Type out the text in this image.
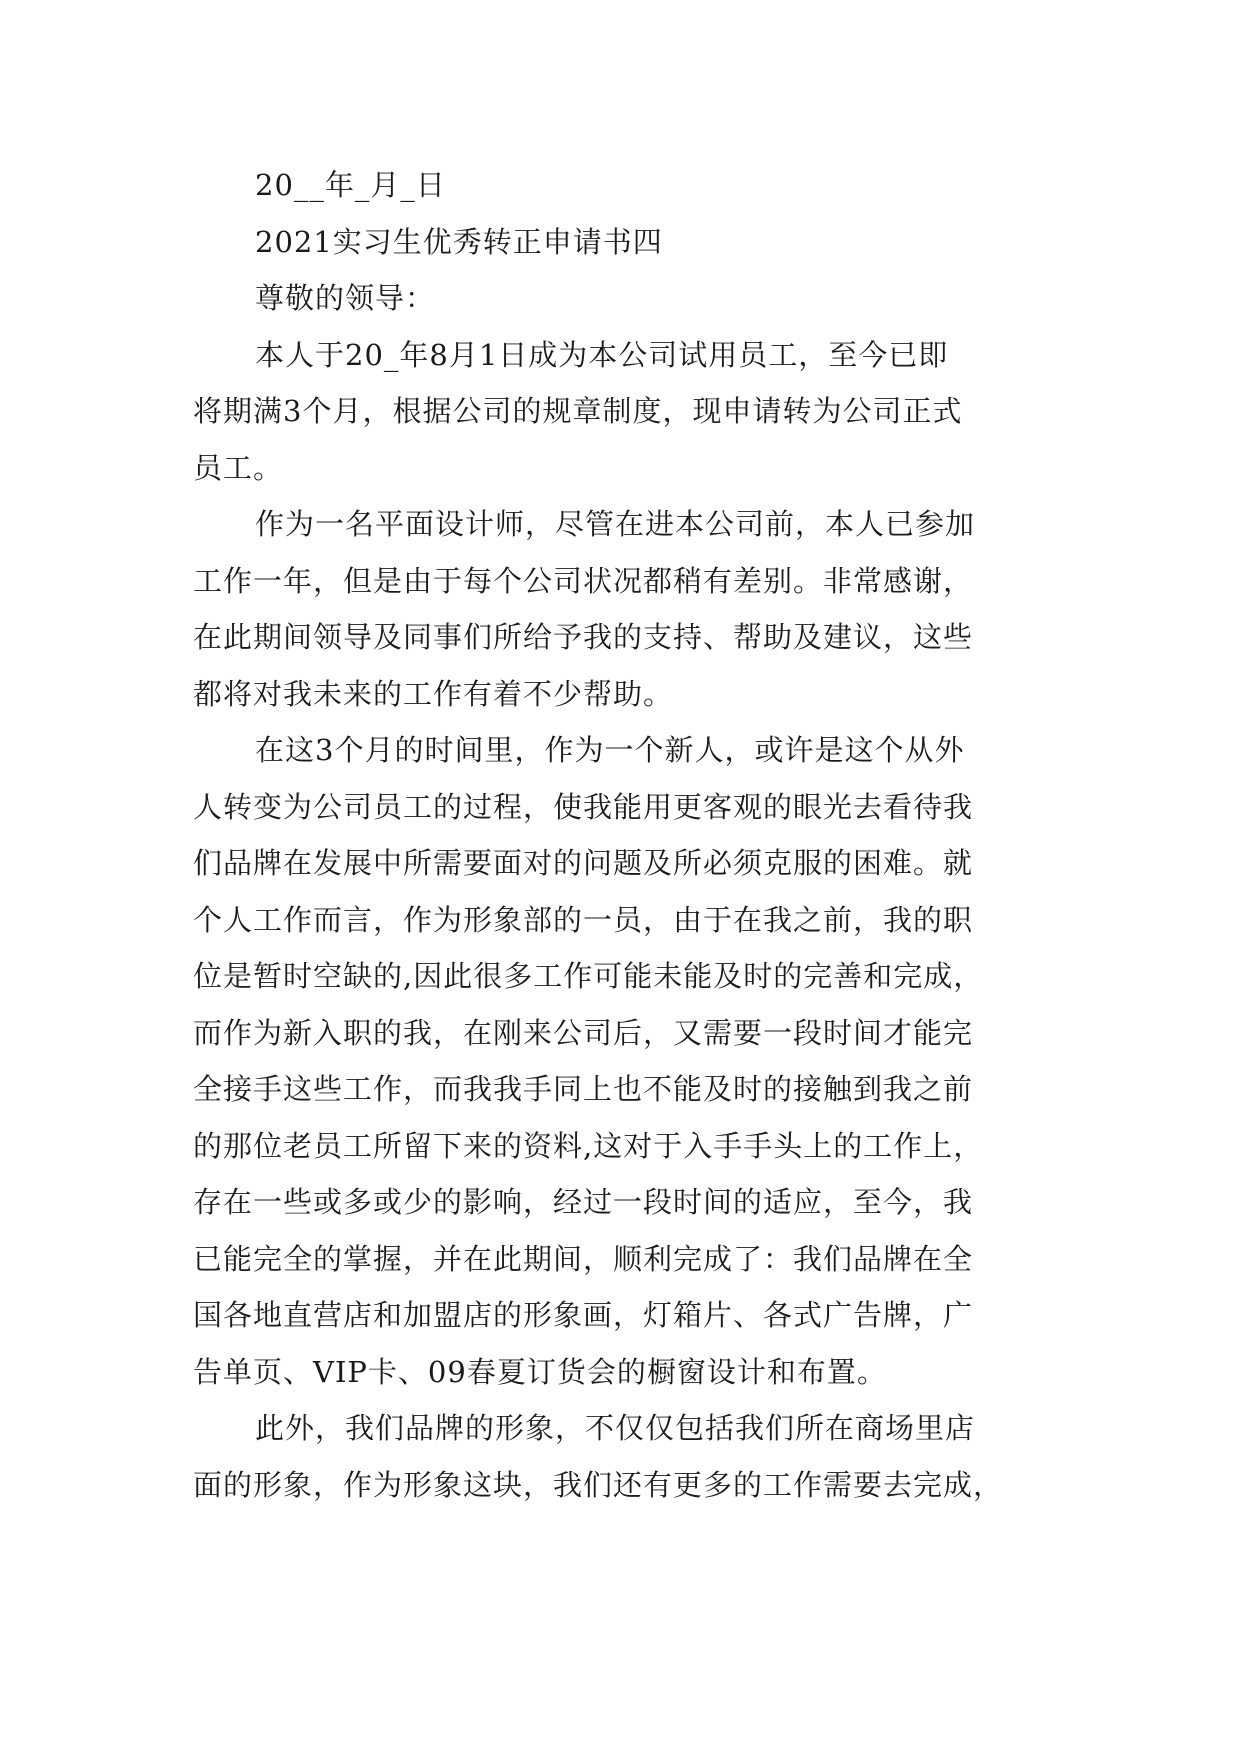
20__年_月_日

2021实习生优秀转正申请书四

尊敬的领导：

本人于20_年8月1日成为本公司试用员工，至今已即

将期满3个月，根据公司的规章制度，现申请转为公司正式

员工。

作为一名平面设计师，尽管在进本公司前，本人已参加

工作一年，但是由于每个公司状况都稍有差别。非常感谢，

在此期间领导及同事们所给予我的支持、帮助及建议，这些

都将对我未来的工作有着不少帮助。

在这3个月的时间里，作为一个新人，或许是这个从外

人转变为公司员工的过程，使我能用更客观的眼光去看待我

们品牌在发展中所需要面对的问题及所必须克服的困难。就

个人工作而言，作为形象部的一员，由于在我之前，我的职

位是暂时空缺的,因此很多工作可能未能及时的完善和完成，

而作为新入职的我，在刚来公司后，又需要一段时间才能完

全接手这些工作，而我我手同上也不能及时的接触到我之前

的那位老员工所留下来的资料,这对于入手手头上的工作上，

存在一些或多或少的影响，经过一段时间的适应，至今，我

已能完全的掌握，并在此期间，顺利完成了：我们品牌在全

国各地直营店和加盟店的形象画，灯箱片、各式广告牌，广

告单页、VIP卡、09春夏订货会的橱窗设计和布置。

此外，我们品牌的形象，不仅仅包括我们所在商场里店

面的形象，作为形象这块，我们还有更多的工作需要去完成，
